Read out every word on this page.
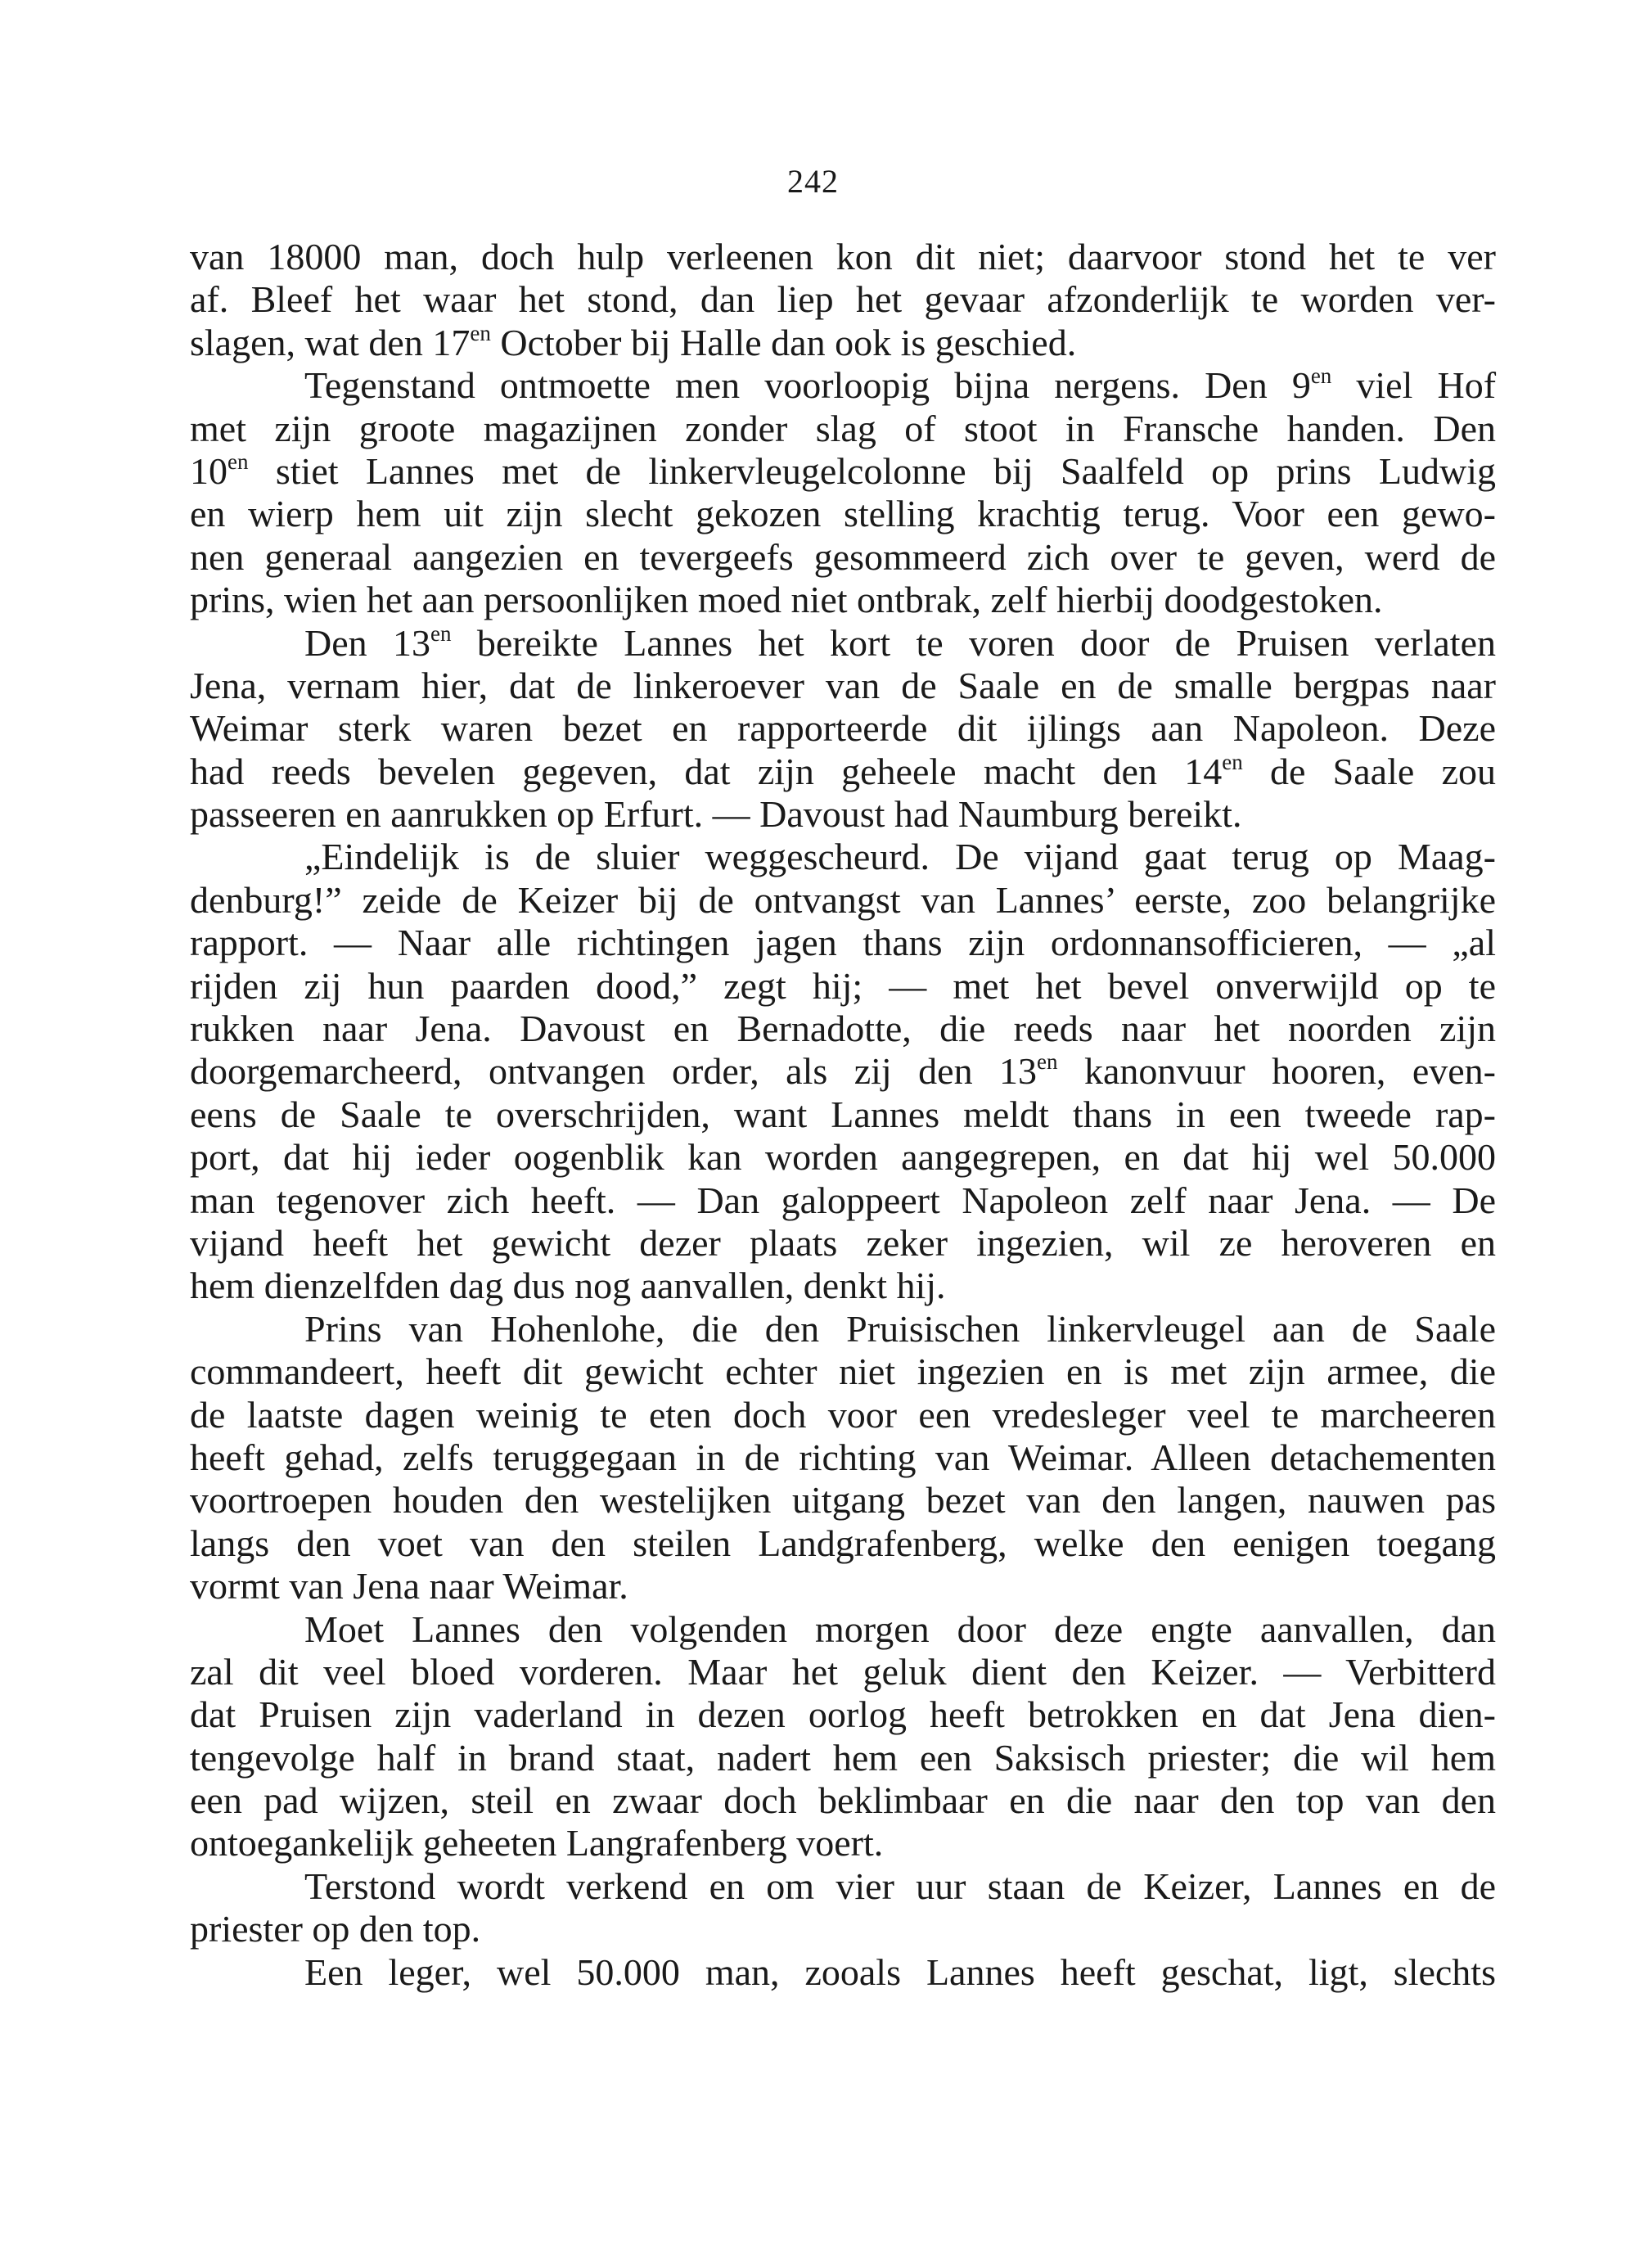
242
van 18000 man, doch hulp verleenen kon dit niet; daarvoor stond het te ver
af. Bleef het waar het stond, dan liep het gevaar afzonderlijk te worden ver-
slagen, wat den $17^{en}$ October bij Halle dan ook is geschied.
Tegenstand ontmoette men voorloopig bijna nergens. Den $9^{en}$ viel Hof
met zijn groote magazijnen zonder slag of stoot in Fransche handen. Den
$10^{en}$ stiet Lannes met de linkervleugelcolonne bij Saalfeld op prins Ludwig
en wierp hem uit zijn slecht gekozen stelling krachtig terug. Voor een gewo-
nen generaal aangezien en tevergeefs gesommeerd zich over te geven, werd de
prins, wien het aan persoonlijken moed niet ontbrak, zelf hierbij doodgestoken.
Den $13^{en}$ bereikte Lannes het kort te voren door de Pruisen verlaten
Jena, vernam hier, dat de linkeroever van de Saale en de smalle bergpas naar
Weimar sterk waren bezet en rapporteerde dit ijlings aan Napoleon. Deze
had reeds bevelen gegeven, dat zijn geheele macht den $14^{en}$ de Saale zou
passeeren en aanrukken op Erfurt. — Davoust had Naumburg bereikt.
„Eindelijk is de sluier weggescheurd. De vijand gaat terug op Maag-
denburg!” zeide de Keizer bij de ontvangst van Lannes’ eerste, zoo belangrijke
rapport. — Naar alle richtingen jagen thans zijn ordonnansofficieren, — „al
rijden zij hun paarden dood,” zegt hij; — met het bevel onverwijld op te
rukken naar Jena. Davoust en Bernadotte, die reeds naar het noorden zijn
doorgemarcheerd, ontvangen order, als zij den $13^{en}$ kanonvuur hooren, even-
eens de Saale te overschrijden, want Lannes meldt thans in een tweede rap-
port, dat hij ieder oogenblik kan worden aangegrepen, en dat hij wel 50.000
man tegenover zich heeft. — Dan galoppeert Napoleon zelf naar Jena. — De
vijand heeft het gewicht dezer plaats zeker ingezien, wil ze heroveren en
hem dienzelfden dag dus nog aanvallen, denkt hij.
Prins van Hohenlohe, die den Pruisischen linkervleugel aan de Saale
commandeert, heeft dit gewicht echter niet ingezien en is met zijn armee, die
de laatste dagen weinig te eten doch voor een vredesleger veel te marcheeren
heeft gehad, zelfs teruggegaan in de richting van Weimar. Alleen detachementen
voortroepen houden den westelijken uitgang bezet van den langen, nauwen pas
langs den voet van den steilen Landgrafenberg, welke den eenigen toegang
vormt van Jena naar Weimar.
Moet Lannes den volgenden morgen door deze engte aanvallen, dan
zal dit veel bloed vorderen. Maar het geluk dient den Keizer. — Verbitterd
dat Pruisen zijn vaderland in dezen oorlog heeft betrokken en dat Jena dien-
tengevolge half in brand staat, nadert hem een Saksisch priester; die wil hem
een pad wijzen, steil en zwaar doch beklimbaar en die naar den top van den
ontoegankelijk geheeten Langrafenberg voert.
Terstond wordt verkend en om vier uur staan de Keizer, Lannes en de
priester op den top.
Een leger, wel 50.000 man, zooals Lannes heeft geschat, ligt, slechts
